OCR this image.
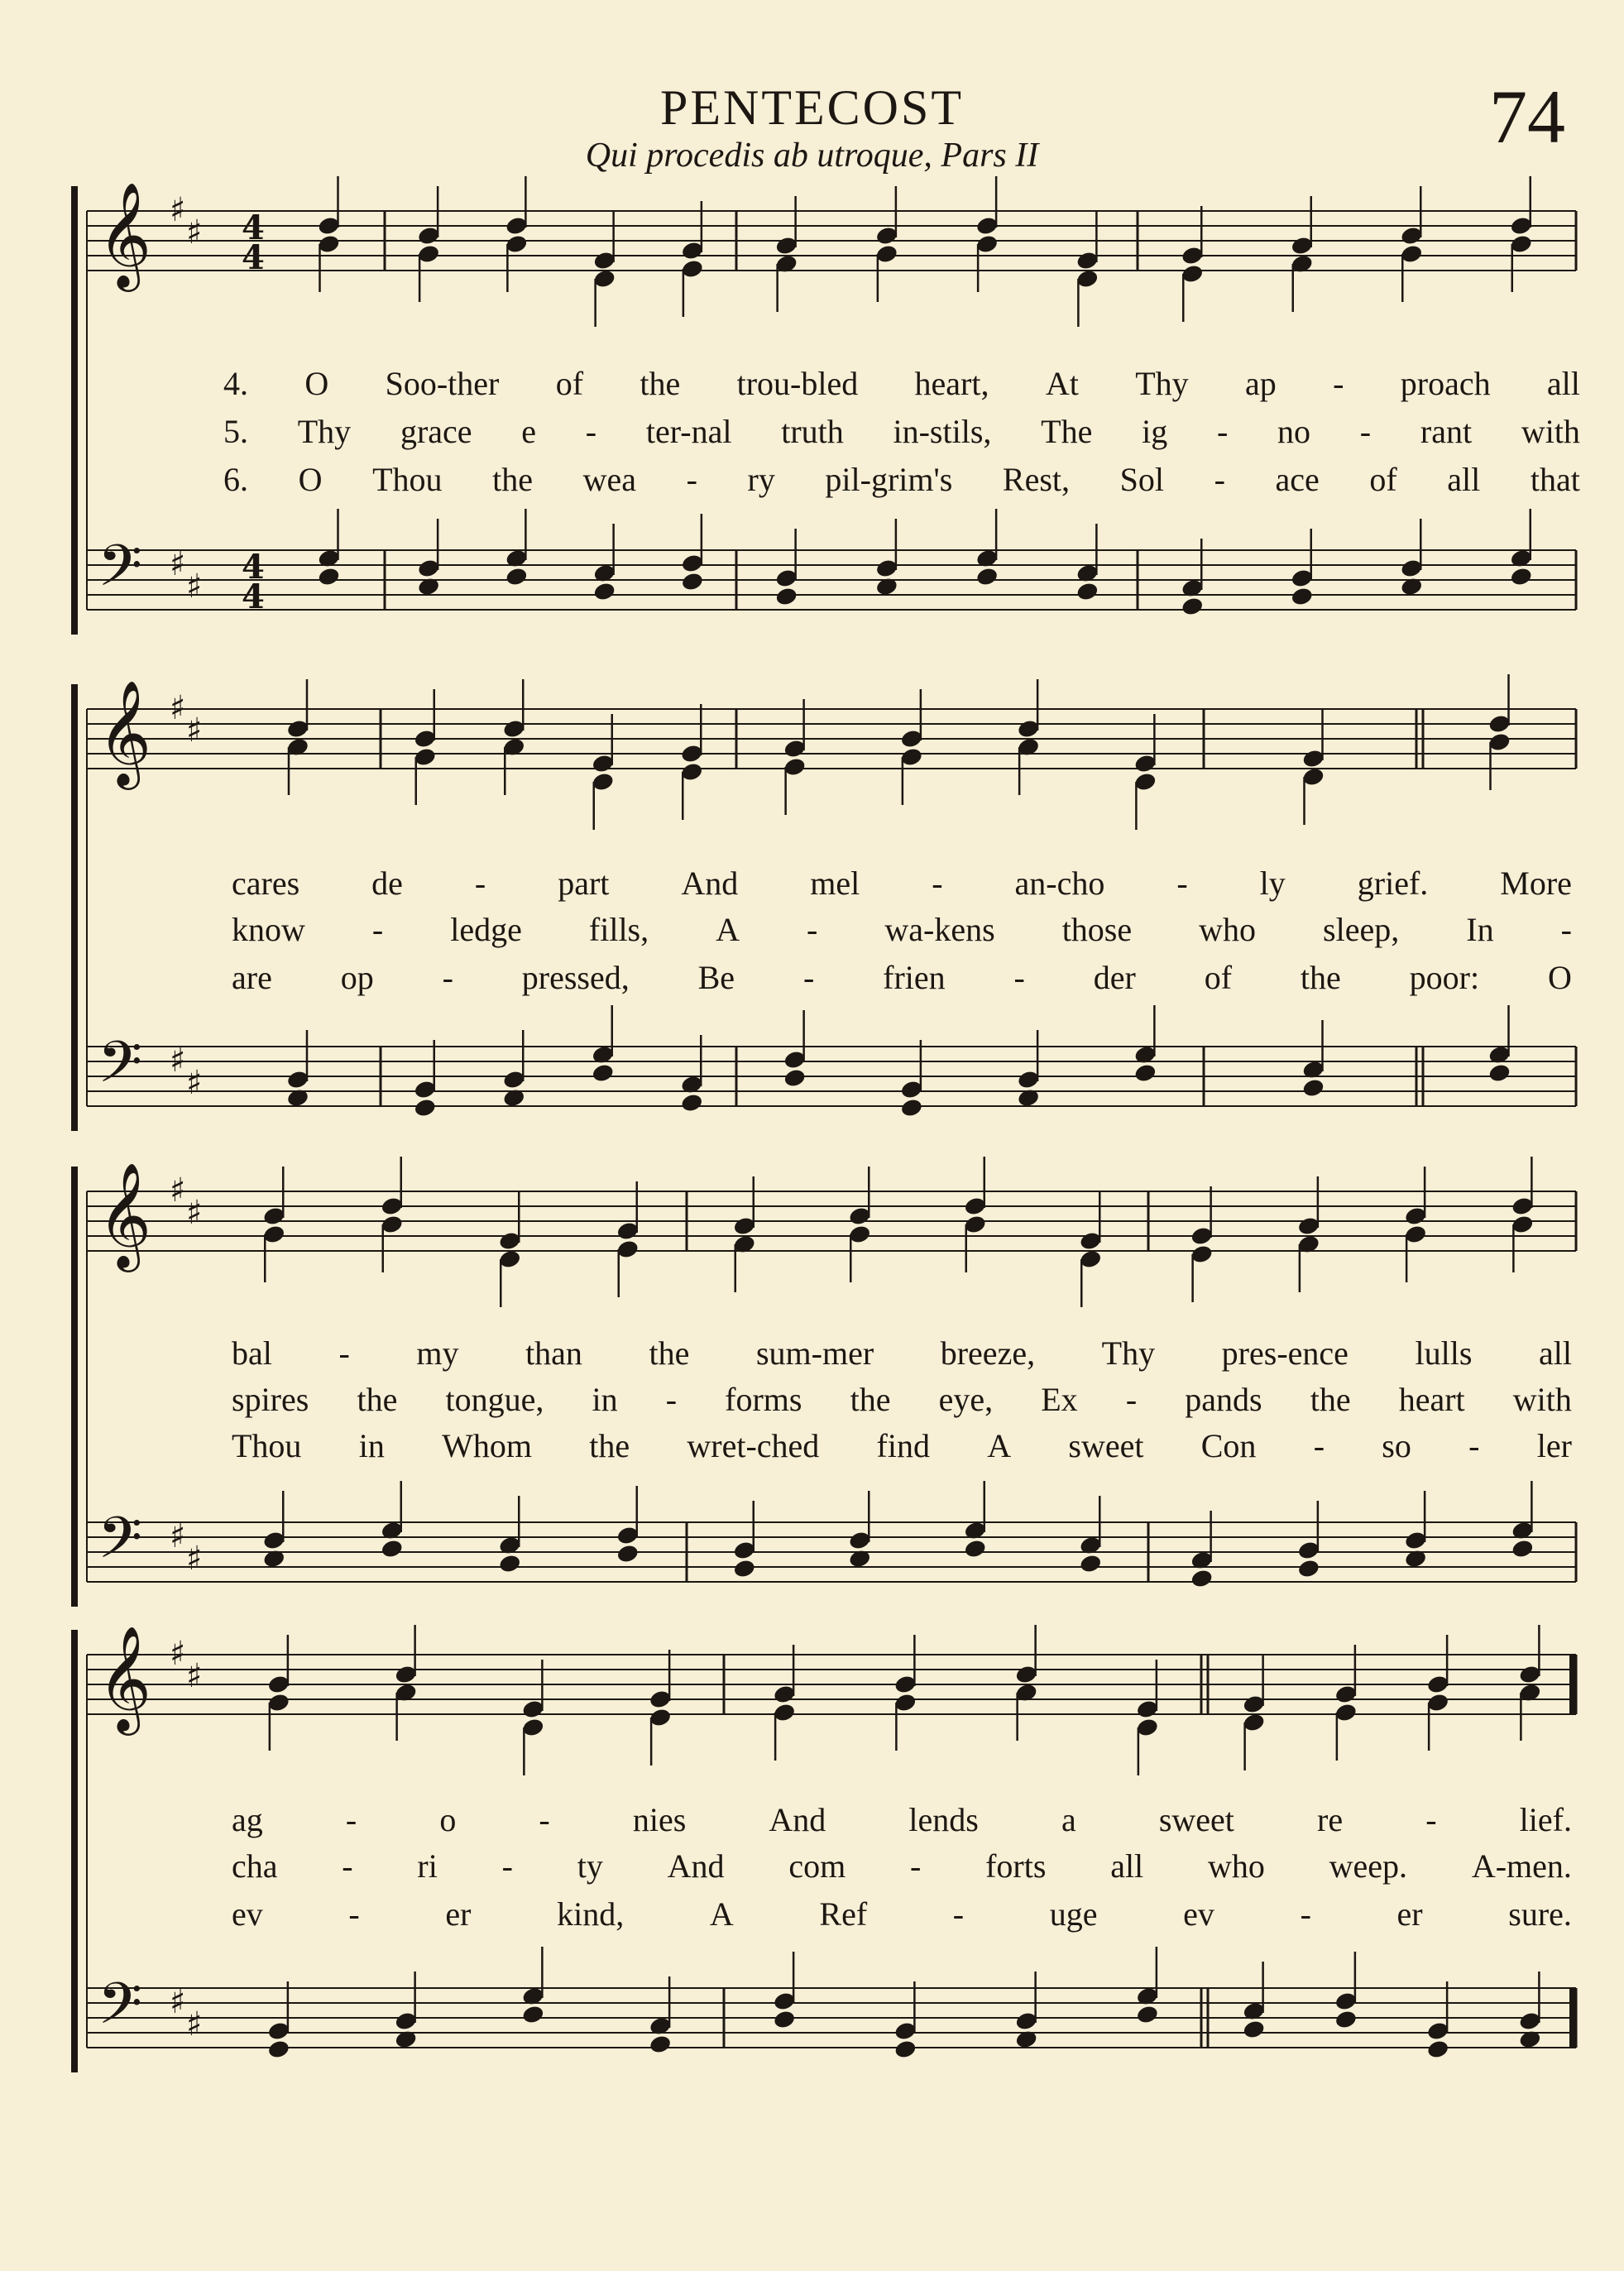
PENTECOST
Qui procedis ab utroque, Pars II	74
𝄞
𝄢
♯
♯
♯
♯
4
4
4
4
𝄞
𝄢
♯
♯
♯
♯
𝄞
𝄢
♯
♯
♯
♯
𝄞
𝄢
♯
♯
♯
♯
4. O Soo-ther of the trou-bled heart, At Thy ap - proach all
5. Thy grace e - ter-nal truth in-stils, The ig - no - rant with
6. O Thou the wea - ry pil-grim's Rest, Sol - ace of all that
cares de - part And mel - an-cho - ly grief. More
know - ledge fills, A - wa-kens those who sleep, In -
are op - pressed, Be - frien - der of the poor: O
bal - my than the sum-mer breeze, Thy pres-ence lulls all
spires the tongue, in - forms the eye, Ex - pands the heart with
Thou in Whom the wret-ched find A sweet Con - so - ler
ag	-	o	-	nies	And	lends	a	sweet	re	-	lief.
cha - ri - ty And com - forts all who weep. A-men.
ev	-	er	kind,	A	Ref	-	uge	ev	-	er	sure.
